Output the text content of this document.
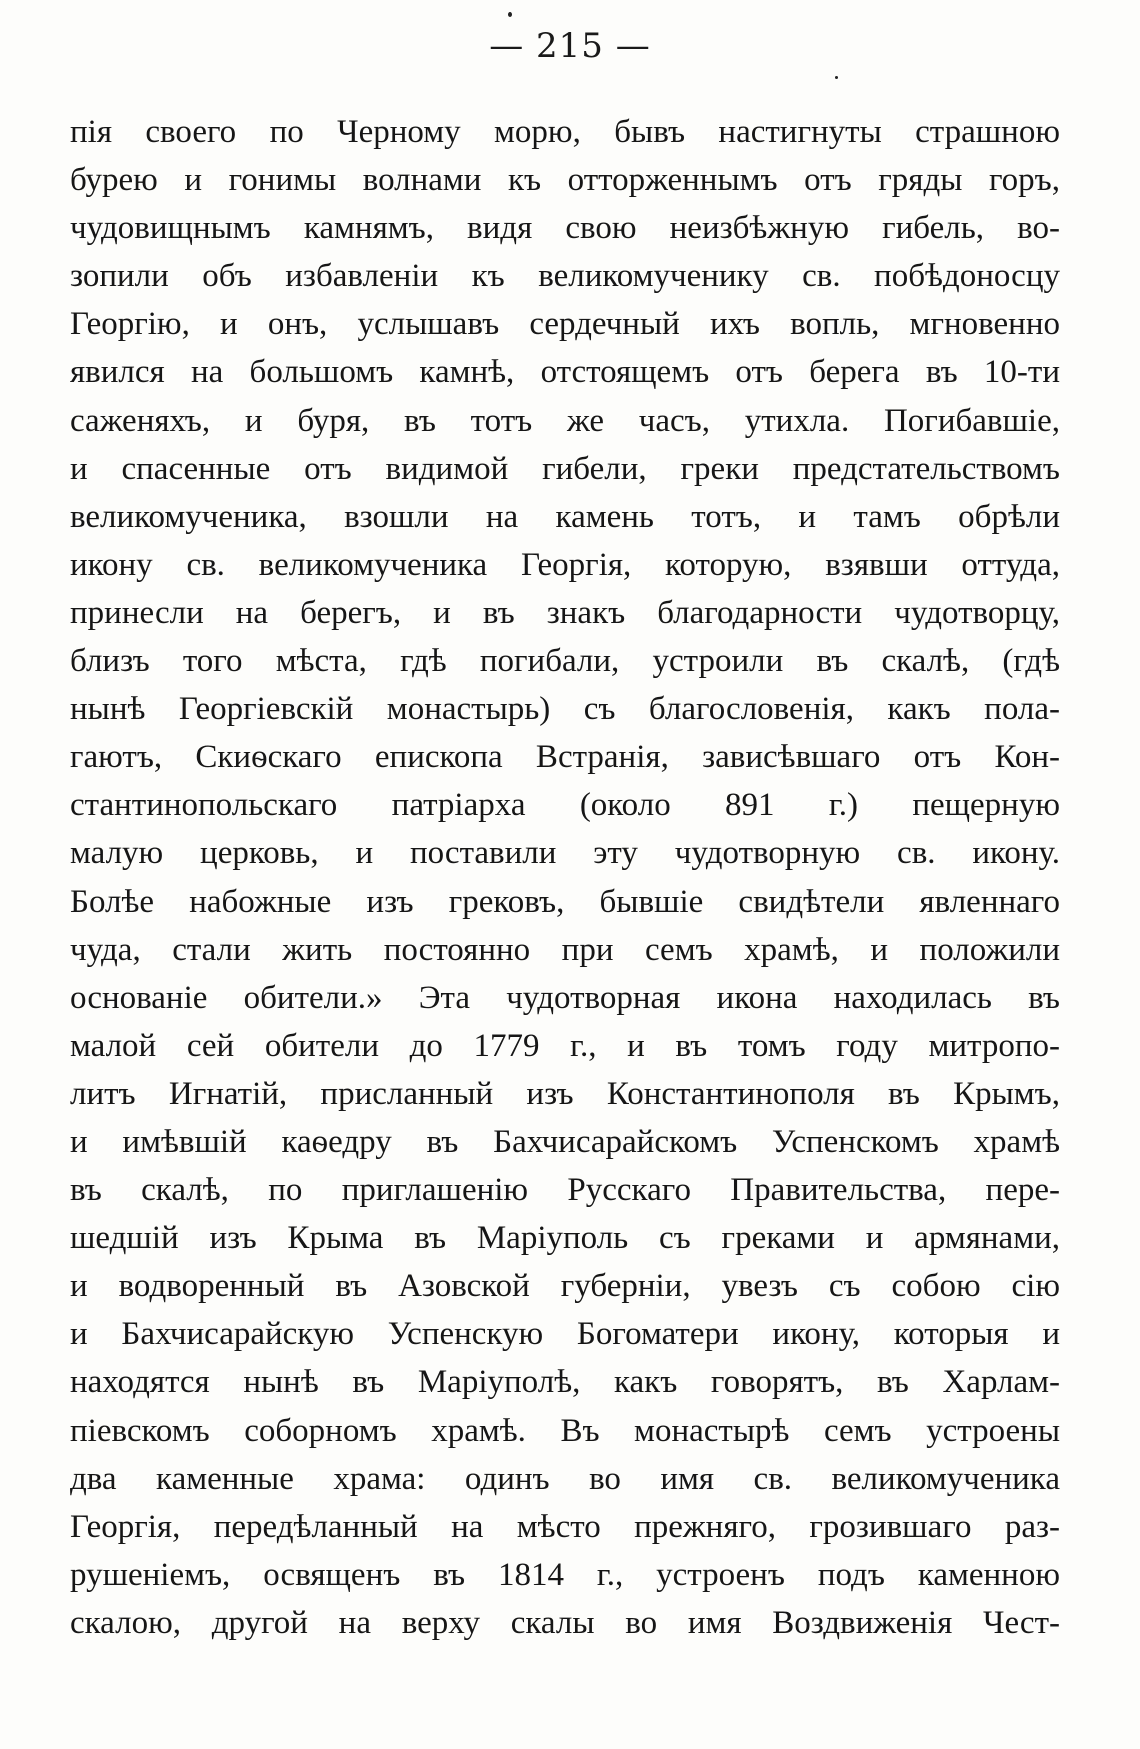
— 215 —
пія своего по Черному морю, бывъ настигнуты страшною
бурею и гонимы волнами къ отторженнымъ отъ гряды горъ,
чудовищнымъ камнямъ, видя свою неизбѣжную гибель, во-
зопили объ избавленіи къ великомученику св. побѣдоносцу
Георгію, и онъ, услышавъ сердечный ихъ вопль, мгновенно
явился на большомъ камнѣ, отстоящемъ отъ берега въ 10-ти
саженяхъ, и буря, въ тотъ же часъ, утихла. Погибавшіе,
и спасенные отъ видимой гибели, греки предстательствомъ
великомученика, взошли на камень тотъ, и тамъ обрѣли
икону св. великомученика Георгія, которую, взявши оттуда,
принесли на берегъ, и въ знакъ благодарности чудотворцу,
близъ того мѣста, гдѣ погибали, устроили въ скалѣ, (гдѣ
нынѣ Георгіевскій монастырь) съ благословенія, какъ пола-
гаютъ, Скиѳскаго епископа Встранія, зависѣвшаго отъ Кон-
стантинопольскаго патріарха (около 891 г.) пещерную
малую церковь, и поставили эту чудотворную св. икону.
Болѣе набожные изъ грековъ, бывшіе свидѣтели явленнаго
чуда, стали жить постоянно при семъ храмѣ, и положили
основаніе обители.» Эта чудотворная икона находилась въ
малой сей обители до 1779 г., и въ томъ году митропо-
литъ Игнатій, присланный изъ Константинополя въ Крымъ,
и имѣвшій каѳедру въ Бахчисарайскомъ Успенскомъ храмѣ
въ скалѣ, по приглашенію Русскаго Правительства, пере-
шедшій изъ Крыма въ Маріуполь съ греками и армянами,
и водворенный въ Азовской губерніи, увезъ съ собою сію
и Бахчисарайскую Успенскую Богоматери икону, которыя и
находятся нынѣ въ Маріуполѣ, какъ говорятъ, въ Харлам-
піевскомъ соборномъ храмѣ. Въ монастырѣ семъ устроены
два каменные храма: одинъ во имя св. великомученика
Георгія, передѣланный на мѣсто прежняго, грозившаго раз-
рушеніемъ, освященъ въ 1814 г., устроенъ подъ каменною
скалою, другой на верху скалы во имя Воздвиженія Чест-
